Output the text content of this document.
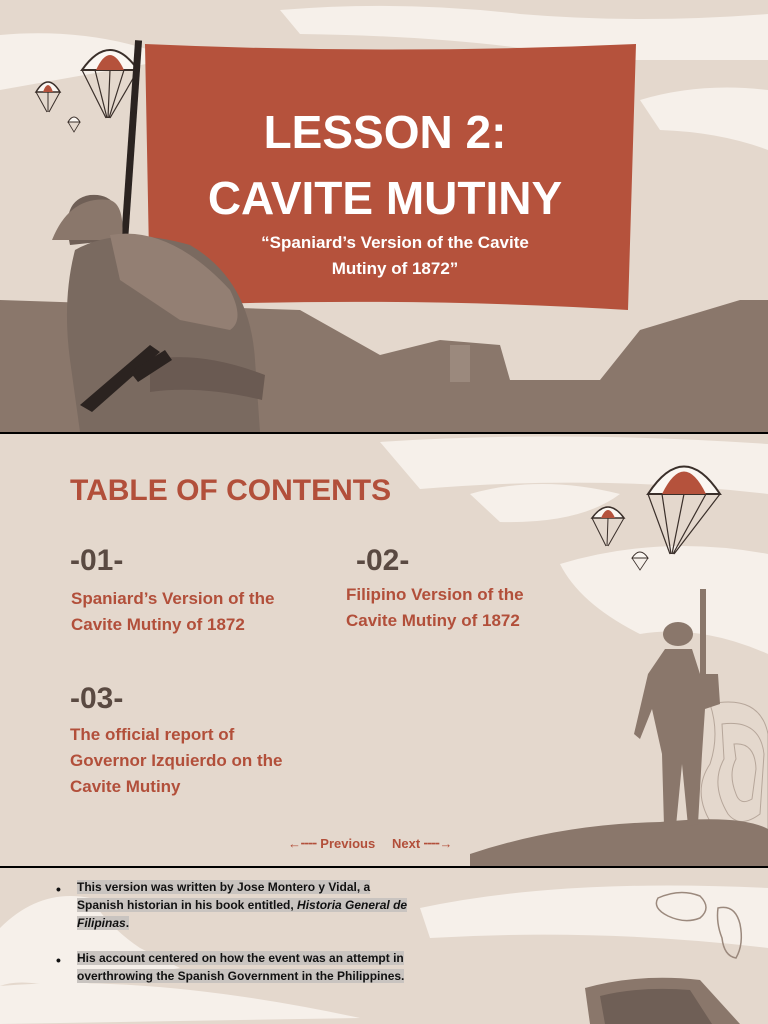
LESSON 2:
CAVITE MUTINY
“Spaniard’s Version of the Cavite Mutiny of 1872”
TABLE OF CONTENTS
-01-
Spaniard’s Version of the Cavite Mutiny of 1872
-02-
Filipino Version of the Cavite Mutiny of 1872
-03-
The official report of Governor Izquierdo on the Cavite Mutiny
←╌╌ Previous Next ╌╌→
• This version was written by Jose Montero y Vidal, a Spanish historian in his book entitled, Historia General de Filipinas.
• His account centered on how the event was an attempt in overthrowing the Spanish Government in the Philippines.
